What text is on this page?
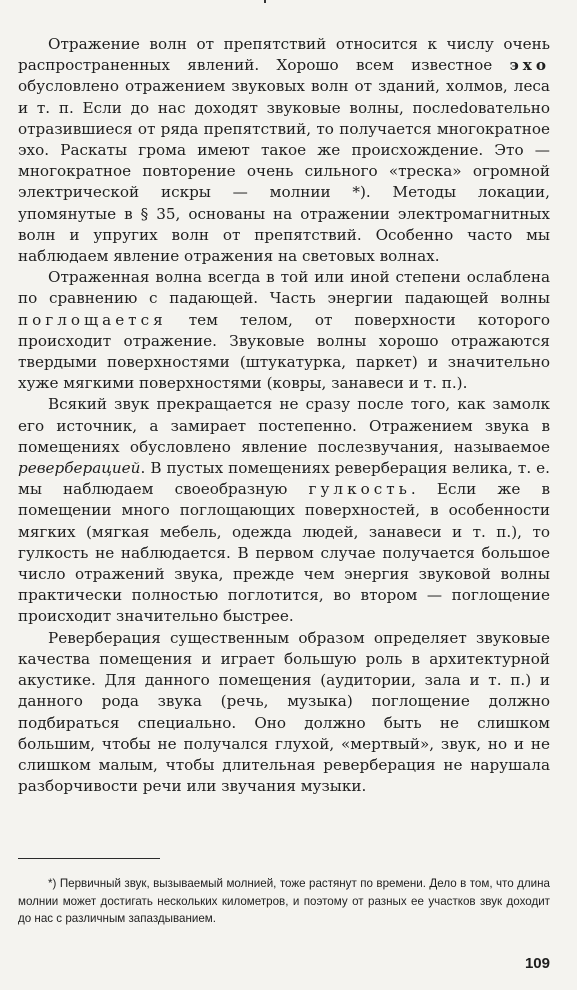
Отражение волн от препятствий относится к числу очень распространенных явлений. Хорошо всем известное эхо обусловлено отражением звуковых волн от зданий, холмов, леса и т. п. Если до нас доходят звуковые волны, послеdовательно отразившиеся от ряда препятствий, то получается многократное эхо. Раскаты грома имеют такое же происхождение. Это — многократное повторение очень сильного «треска» огромной электрической искры — молнии *). Методы локации, упомянутые в § 35, основаны на отражении электромагнитных волн и упругих волн от препятствий. Особенно часто мы наблюдаем явление отражения на световых волнах.

Отраженная волна всегда в той или иной степени ослаблена по сравнению с падающей. Часть энергии падающей волны поглощается тем телом, от поверхности которого происходит отражение. Звуковые волны хорошо отражаются твердыми поверхностями (штукатурка, паркет) и значительно хуже мягкими поверхностями (ковры, занавеси и т. п.).

Всякий звук прекращается не сразу после того, как замолк его источник, а замирает постепенно. Отражением звука в помещениях обусловлено явление послезвучания, называемое реверберацией. В пустых помещениях реверберация велика, т. е. мы наблюдаем своеобразную гулкость. Если же в помещении много поглощающих поверхностей, в особенности мягких (мягкая мебель, одежда людей, занавеси и т. п.), то гулкость не наблюдается. В первом случае получается большое число отражений звука, прежде чем энергия звуковой волны практически полностью поглотится, во втором — поглощение происходит значительно быстрее.

Реверберация существенным образом определяет звуковые качества помещения и играет большую роль в архитектурной акустике. Для данного помещения (аудитории, зала и т. п.) и данного рода звука (речь, музыка) поглощение должно подбираться специально. Оно должно быть не слишком большим, чтобы не получался глухой, «мертвый», звук, но и не слишком малым, чтобы длительная реверберация не нарушала разборчивости речи или звучания музыки.

*) Первичный звук, вызываемый молнией, тоже растянут по времени. Дело в том, что длина молнии может достигать нескольких километров, и поэтому от разных ее участков звук доходит до нас с различным запаздыванием.

109
